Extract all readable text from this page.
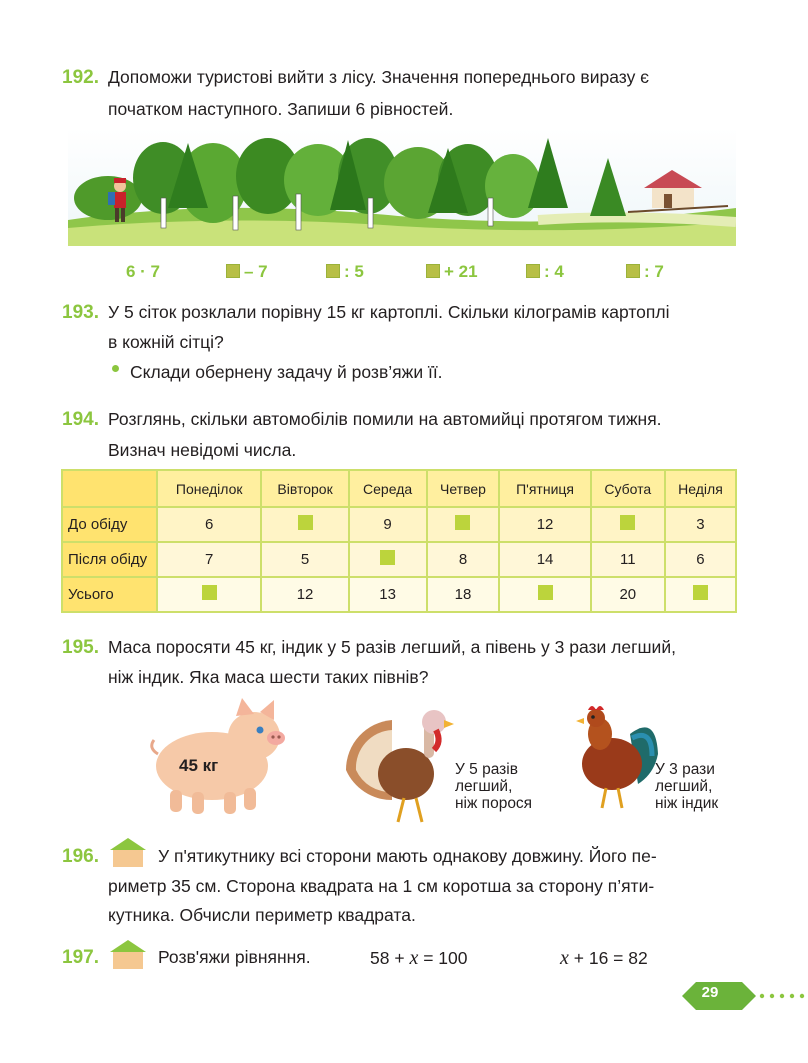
192. Допоможи туристові вийти з лісу. Значення попереднього виразу є
початком наступного. Запиши 6 рівностей.
6 · 7	– 7	: 5	+ 21	: 4	: 7
193. У 5 сіток розклали порівну 15 кг картоплі. Скільки кілограмів картоплі
в кожній сітці?
Склади обернену задачу й розв’яжи її.
194. Розглянь, скільки автомобілів помили на автомийці протягом тижня.
Визнач невідомі числа.
	Понеділок	Вівторок	Середа	Четвер	П'ятниця	Субота	Неділя
До обіду	6		9		12		3
Після обіду	7	5		8	14	11	6
Усього		12	13	18		20	
195. Маса поросяти 45 кг, індик у 5 разів легший, а півень у 3 рази легший,
ніж індик. Яка маса шести таких півнів?
45 кг	У 5 разів
легший,
ніж порося
У 3 рази
легший,
ніж індик
196.	У п'ятикутнику всі сторони мають однакову довжину. Його пе-
риметр 35 см. Сторона квадрата на 1 см коротша за сторону п’яти-
кутника. Обчисли периметр квадрата.
197.	Розв'яжи рівняння.	58 + x = 100	x + 16 = 82
29
